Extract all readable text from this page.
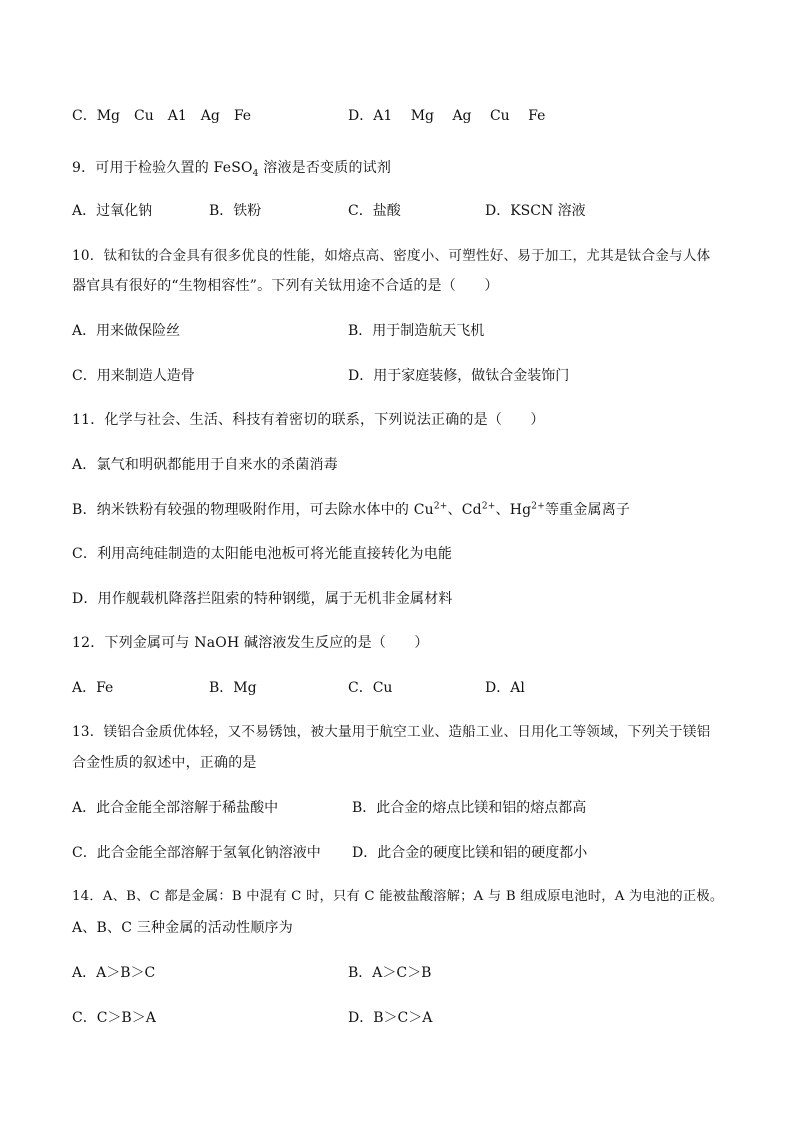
C．Mg　Cu　A1　Ag　Fe	D．A1　 Mg　 Ag　 Cu　 Fe
9．可用于检验久置的 FeSO$_4$ 溶液是否变质的试剂
A．过氧化钠	B．铁粉	C．盐酸	D．KSCN 溶液
10．钛和钛的合金具有很多优良的性能，如熔点高、密度小、可塑性好、易于加工，尤其是钛合金与人体
器官具有很好的“生物相容性”。下列有关钛用途不合适的是（　　）
A．用来做保险丝	B．用于制造航天飞机
C．用来制造人造骨	D．用于家庭装修，做钛合金装饰门
11．化学与社会、生活、科技有着密切的联系，下列说法正确的是（　　）
A．氯气和明矾都能用于自来水的杀菌消毒
B．纳米铁粉有较强的物理吸附作用，可去除水体中的 $Cu^{2+}$、$Cd^{2+}$、$Hg^{2+}$等重金属离子
C．利用高纯硅制造的太阳能电池板可将光能直接转化为电能
D．用作舰载机降落拦阻索的特种钢缆，属于无机非金属材料
12．下列金属可与 NaOH 碱溶液发生反应的是（　　）
A．Fe	B．Mg	C．Cu	D．Al
13．镁铝合金质优体轻，又不易锈蚀，被大量用于航空工业、造船工业、日用化工等领域，下列关于镁铝
合金性质的叙述中，正确的是
A．此合金能全部溶解于稀盐酸中	B．此合金的熔点比镁和铝的熔点都高
C．此合金能全部溶解于氢氧化钠溶液中 D．此合金的硬度比镁和铝的硬度都小
14．A、B、C 都是金属：B 中混有 C 时，只有 C 能被盐酸溶解；A 与 B 组成原电池时，A 为电池的正极。
A、B、C 三种金属的活动性顺序为
A．A＞B＞C	B．A＞C＞B
C．C＞B＞A	D．B＞C＞A
